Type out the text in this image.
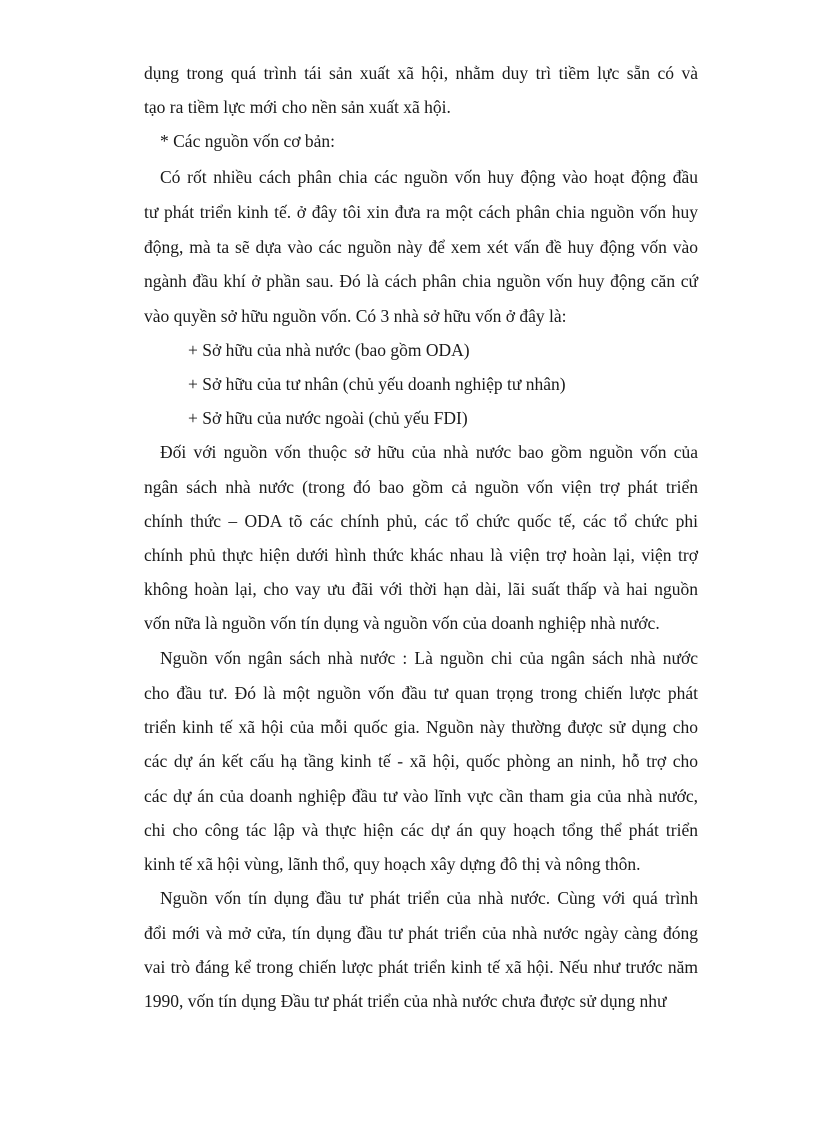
dụng trong quá trình tái sản xuất xã hội, nhằm duy trì tiềm lực sẵn có và
tạo ra tiềm lực mới cho nền sản xuất xã hội.
* Các nguồn vốn cơ bản:
Có rốt nhiều cách phân chia các nguồn vốn huy động vào hoạt động đầu
tư phát triển kinh tế. ở đây tôi xin đưa ra một cách phân chia nguồn vốn huy
động, mà ta sẽ dựa vào các nguồn này để xem xét vấn đề huy động vốn vào
ngành đầu khí ở phần sau. Đó là cách phân chia nguồn vốn huy động căn cứ
vào quyền sở hữu nguồn vốn. Có 3 nhà sở hữu vốn ở đây là:
+ Sở hữu của nhà nước (bao gồm ODA)
+ Sở hữu của tư nhân (chủ yếu doanh nghiệp tư nhân)
+ Sở hữu của nước ngoài (chủ yếu FDI)
Đối với nguồn vốn thuộc sở hữu của nhà nước bao gồm nguồn vốn của
ngân sách nhà nước (trong đó bao gồm cả nguồn vốn viện trợ phát triển
chính thức – ODA tõ các chính phủ, các tổ chức quốc tế, các tổ chức phi
chính phủ thực hiện dưới hình thức khác nhau là viện trợ hoàn lại, viện trợ
không hoàn lại, cho vay ưu đãi với thời hạn dài, lãi suất thấp và hai nguồn
vốn nữa là nguồn vốn tín dụng và nguồn vốn của doanh nghiệp nhà nước.
Nguồn vốn ngân sách nhà nước : Là nguồn chi của ngân sách nhà nước
cho đầu tư. Đó là một nguồn vốn đầu tư quan trọng trong chiến lược phát
triển kinh tế xã hội của mỗi quốc gia. Nguồn này thường được sử dụng cho
các dự án kết cấu hạ tầng kinh tế - xã hội, quốc phòng an ninh, hỗ trợ cho
các dự án của doanh nghiệp đầu tư vào lĩnh vực cần tham gia của nhà nước,
chi cho công tác lập và thực hiện các dự án quy hoạch tổng thể phát triển
kinh tế xã hội vùng, lãnh thổ, quy hoạch xây dựng đô thị và nông thôn.
Nguồn vốn tín dụng đầu tư phát triển của nhà nước. Cùng với quá trình
đổi mới và mở cửa, tín dụng đầu tư phát triển của nhà nước ngày càng đóng
vai trò đáng kể trong chiến lược phát triển kinh tế xã hội. Nếu như trước năm
1990, vốn tín dụng Đầu tư phát triển của nhà nước chưa được sử dụng như
